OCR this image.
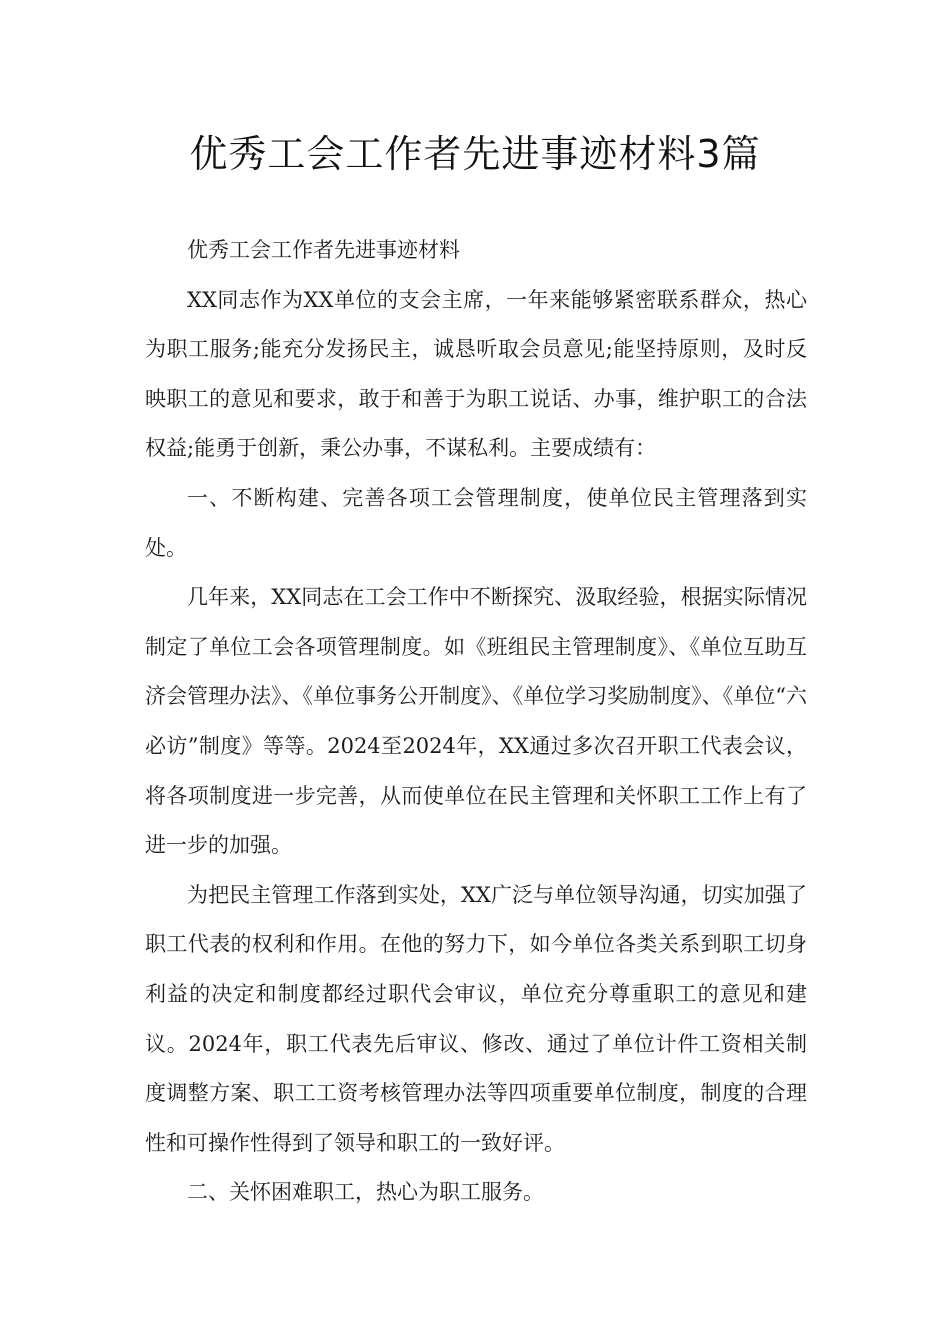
优秀工会工作者先进事迹材料3篇

优秀工会工作者先进事迹材料

XX同志作为XX单位的支会主席，一年来能够紧密联系群众，热心为职工服务;能充分发扬民主，诚恳听取会员意见;能坚持原则，及时反映职工的意见和要求，敢于和善于为职工说话、办事，维护职工的合法权益;能勇于创新，秉公办事，不谋私利。主要成绩有：

一、不断构建、完善各项工会管理制度，使单位民主管理落到实处。

几年来，XX同志在工会工作中不断探究、汲取经验，根据实际情况制定了单位工会各项管理制度。如《班组民主管理制度》、《单位互助互济会管理办法》、《单位事务公开制度》、《单位学习奖励制度》、《单位“六必访”制度》等等。2024至2024年，XX通过多次召开职工代表会议，将各项制度进一步完善，从而使单位在民主管理和关怀职工工作上有了进一步的加强。

为把民主管理工作落到实处，XX广泛与单位领导沟通，切实加强了职工代表的权利和作用。在他的努力下，如今单位各类关系到职工切身利益的决定和制度都经过职代会审议，单位充分尊重职工的意见和建议。2024年，职工代表先后审议、修改、通过了单位计件工资相关制度调整方案、职工工资考核管理办法等四项重要单位制度，制度的合理性和可操作性得到了领导和职工的一致好评。

二、关怀困难职工，热心为职工服务。
